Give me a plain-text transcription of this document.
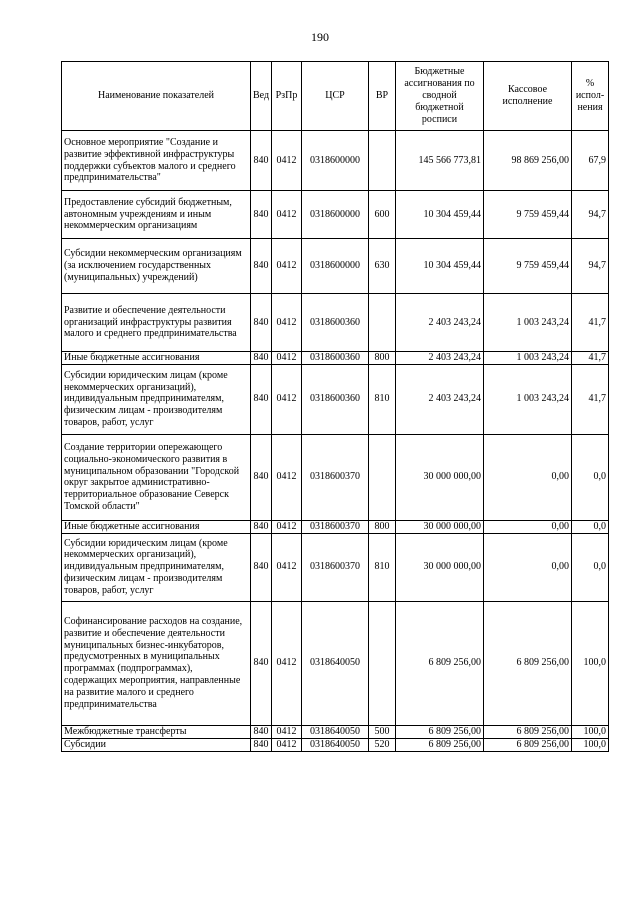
190
Наименование показателей	Вед	РзПр	ЦСР	ВР	Бюджетные ассигнования по сводной бюджетной росписи	Кассовое исполнение	% испол-нения
Основное мероприятие "Создание и развитие эффективной инфраструктуры поддержки субъектов малого и среднего предпринимательства"	840	0412	0318600000		145 566 773,81	98 869 256,00	67,9
Предоставление субсидий бюджетным, автономным учреждениям и иным некоммерческим организациям	840	0412	0318600000	600	10 304 459,44	9 759 459,44	94,7
Субсидии некоммерческим организациям (за исключением государственных (муниципальных) учреждений)	840	0412	0318600000	630	10 304 459,44	9 759 459,44	94,7
Развитие и обеспечение деятельности организаций инфраструктуры развития малого и среднего предпринимательства	840	0412	0318600360		2 403 243,24	1 003 243,24	41,7
Иные бюджетные ассигнования	840	0412	0318600360	800	2 403 243,24	1 003 243,24	41,7
Субсидии юридическим лицам (кроме некоммерческих организаций), индивидуальным предпринимателям, физическим лицам - производителям товаров, работ, услуг	840	0412	0318600360	810	2 403 243,24	1 003 243,24	41,7
Создание территории опережающего социально-экономического развития в муниципальном образовании "Городской округ закрытое административно-территориальное образование Северск Томской области"	840	0412	0318600370		30 000 000,00	0,00	0,0
Иные бюджетные ассигнования	840	0412	0318600370	800	30 000 000,00	0,00	0,0
Субсидии юридическим лицам (кроме некоммерческих организаций), индивидуальным предпринимателям, физическим лицам - производителям товаров, работ, услуг	840	0412	0318600370	810	30 000 000,00	0,00	0,0
Софинансирование расходов на создание, развитие и обеспечение деятельности муниципальных бизнес-инкубаторов, предусмотренных в муниципальных программах (подпрограммах), содержащих мероприятия, направленные на развитие малого и среднего предпринимательства	840	0412	0318640050		6 809 256,00	6 809 256,00	100,0
Межбюджетные трансферты	840	0412	0318640050	500	6 809 256,00	6 809 256,00	100,0
Субсидии	840	0412	0318640050	520	6 809 256,00	6 809 256,00	100,0
